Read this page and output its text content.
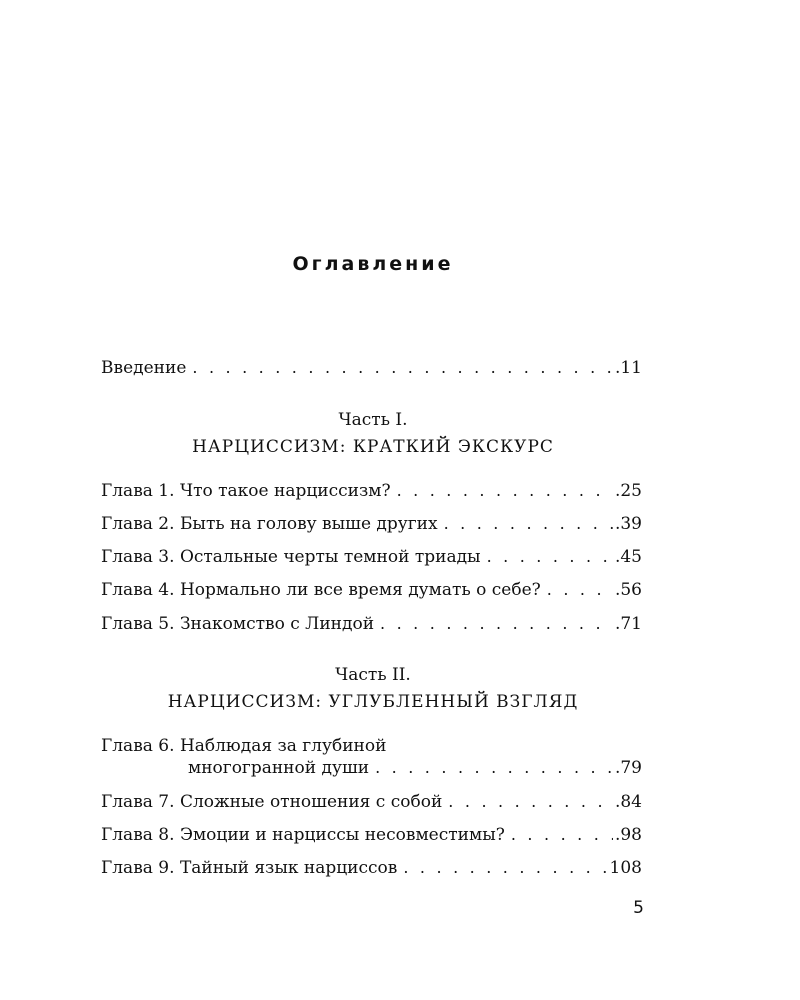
Оглавление
Введение . . .	.11
Часть I.
НАРЦИССИЗМ: КРАТКИЙ ЭКСКУРС
Глава 1. Что такое нарциссизм? . . .	.25
Глава 2. Быть на голову выше других . . .	.39
Глава 3. Остальные черты темной триады . . .	.45
Глава 4. Нормально ли все время думать о себе? . . .	.56
Глава 5. Знакомство с Линдой . . .	.71
Часть II.
НАРЦИССИЗМ: УГЛУБЛЕННЫЙ ВЗГЛЯД
Глава 6. Наблюдая за глубиной
многогранной души . . .	.79
Глава 7. Сложные отношения с собой . . .	.84
Глава 8. Эмоции и нарциссы несовместимы? . . .	.98
Глава 9. Тайный язык нарциссов . . .	108
5
